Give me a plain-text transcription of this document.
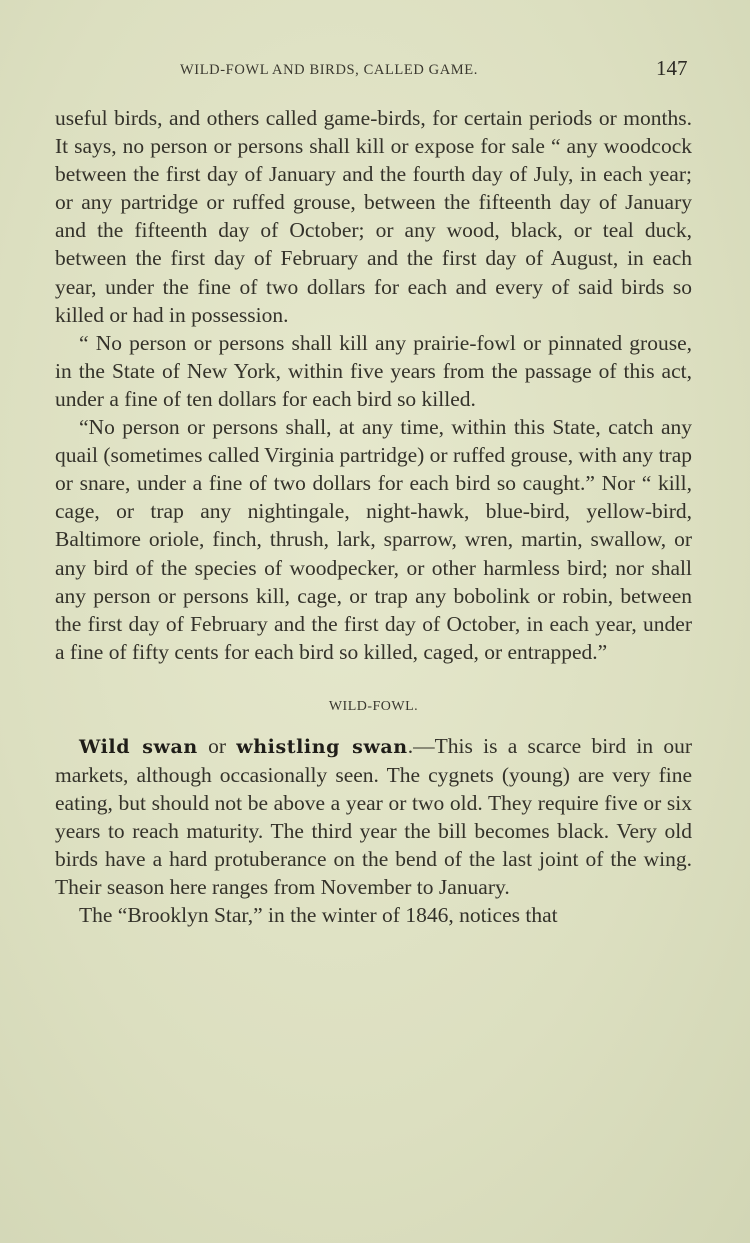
WILD-FOWL AND BIRDS, CALLED GAME.	147

useful birds, and others called game-birds, for certain periods or months. It says, no person or persons shall kill or expose for sale “ any woodcock between the first day of January and the fourth day of July, in each year; or any partridge or ruffed grouse, between the fifteenth day of January and the fifteenth day of October; or any wood, black, or teal duck, between the first day of February and the first day of August, in each year, under the fine of two dollars for each and every of said birds so killed or had in possession.

“ No person or persons shall kill any prairie-fowl or pinnated grouse, in the State of New York, within five years from the passage of this act, under a fine of ten dollars for each bird so killed.

“No person or persons shall, at any time, within this State, catch any quail (sometimes called Virginia partridge) or ruffed grouse, with any trap or snare, under a fine of two dollars for each bird so caught.” Nor “ kill, cage, or trap any nightingale, night-hawk, blue-bird, yellow-bird, Baltimore oriole, finch, thrush, lark, sparrow, wren, martin, swallow, or any bird of the species of woodpecker, or other harmless bird; nor shall any person or persons kill, cage, or trap any bobolink or robin, between the first day of February and the first day of October, in each year, under a fine of fifty cents for each bird so killed, caged, or entrapped.”

WILD-FOWL.

Wild swan or whistling swan.—This is a scarce bird in our markets, although occasionally seen. The cygnets (young) are very fine eating, but should not be above a year or two old. They require five or six years to reach maturity. The third year the bill becomes black. Very old birds have a hard protuberance on the bend of the last joint of the wing. Their season here ranges from November to January.

The “Brooklyn Star,” in the winter of 1846, notices that
